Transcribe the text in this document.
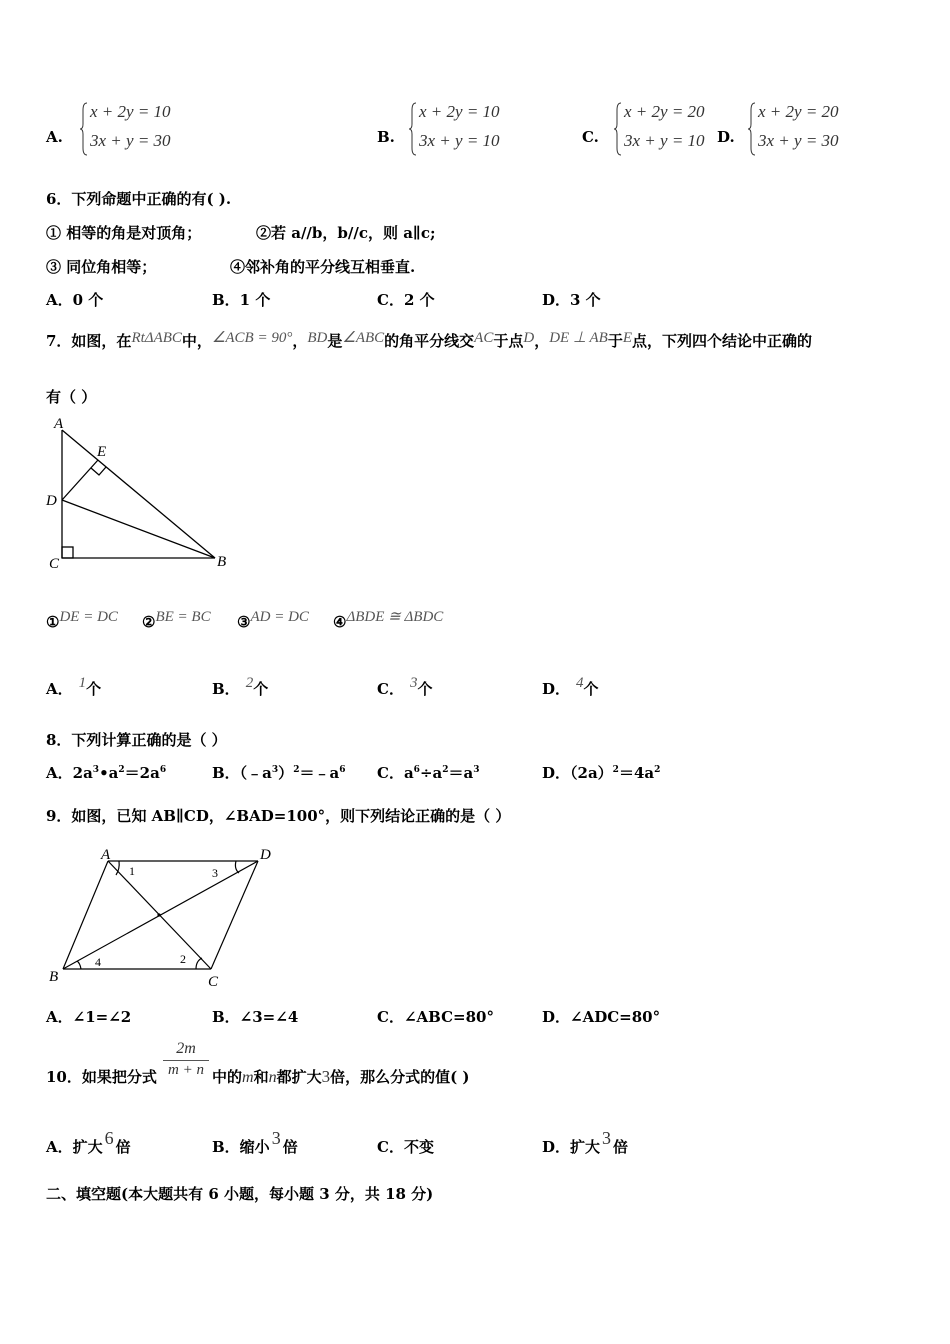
A.
x + 2y = 10
3x + y = 30	B.
x + 2y = 10
3x + y = 10	C.
x + 2y = 20
3x + y = 10 D.
x + 2y = 20
3x + y = 30
6．下列命题中正确的有( ).
① 相等的角是对顶角；	②若 a//b，b//c，则 a∥c;
③ 同位角相等；	④邻补角的平分线互相垂直.
A．0 个	B．1 个	C．2 个	D．3 个
7．如图，在RtΔABC中，∠ACB = 90°，BD是∠ABC的角平分线交AC于点D，DE ⊥ AB于E点，下列四个结论中正确的
有（ ）
A
E
D
C	B
①DE = DC ②BE = BC ③AD = DC ④ΔBDE ≅ ΔBDC
A． 1个	B． 2个	C． 3个	D． 4个
8．下列计算正确的是（ ）
A．$2a^3•a^2=2a^6$	B．$(﹣a^3)^2=﹣a^6$ C．$a^6\div a^2=a^3$	D．$(2a)^2=4a^2$
9．如图，已知 AB∥CD，∠BAD=100°，则下列结论正确的是（ ）
A	D
B	C
1	3
4	2
A．∠1=∠2	B．∠3=∠4	C．∠ABC=80°	D．∠ADC=80°
10．如果把分式
2m
m + n 中的m和n都扩大3倍，那么分式的值( )
A．扩大 6 倍	B．缩小 3 倍	C．不变	D．扩大 3 倍
二、填空题(本大题共有 6 小题，每小题 3 分，共 18 分)
